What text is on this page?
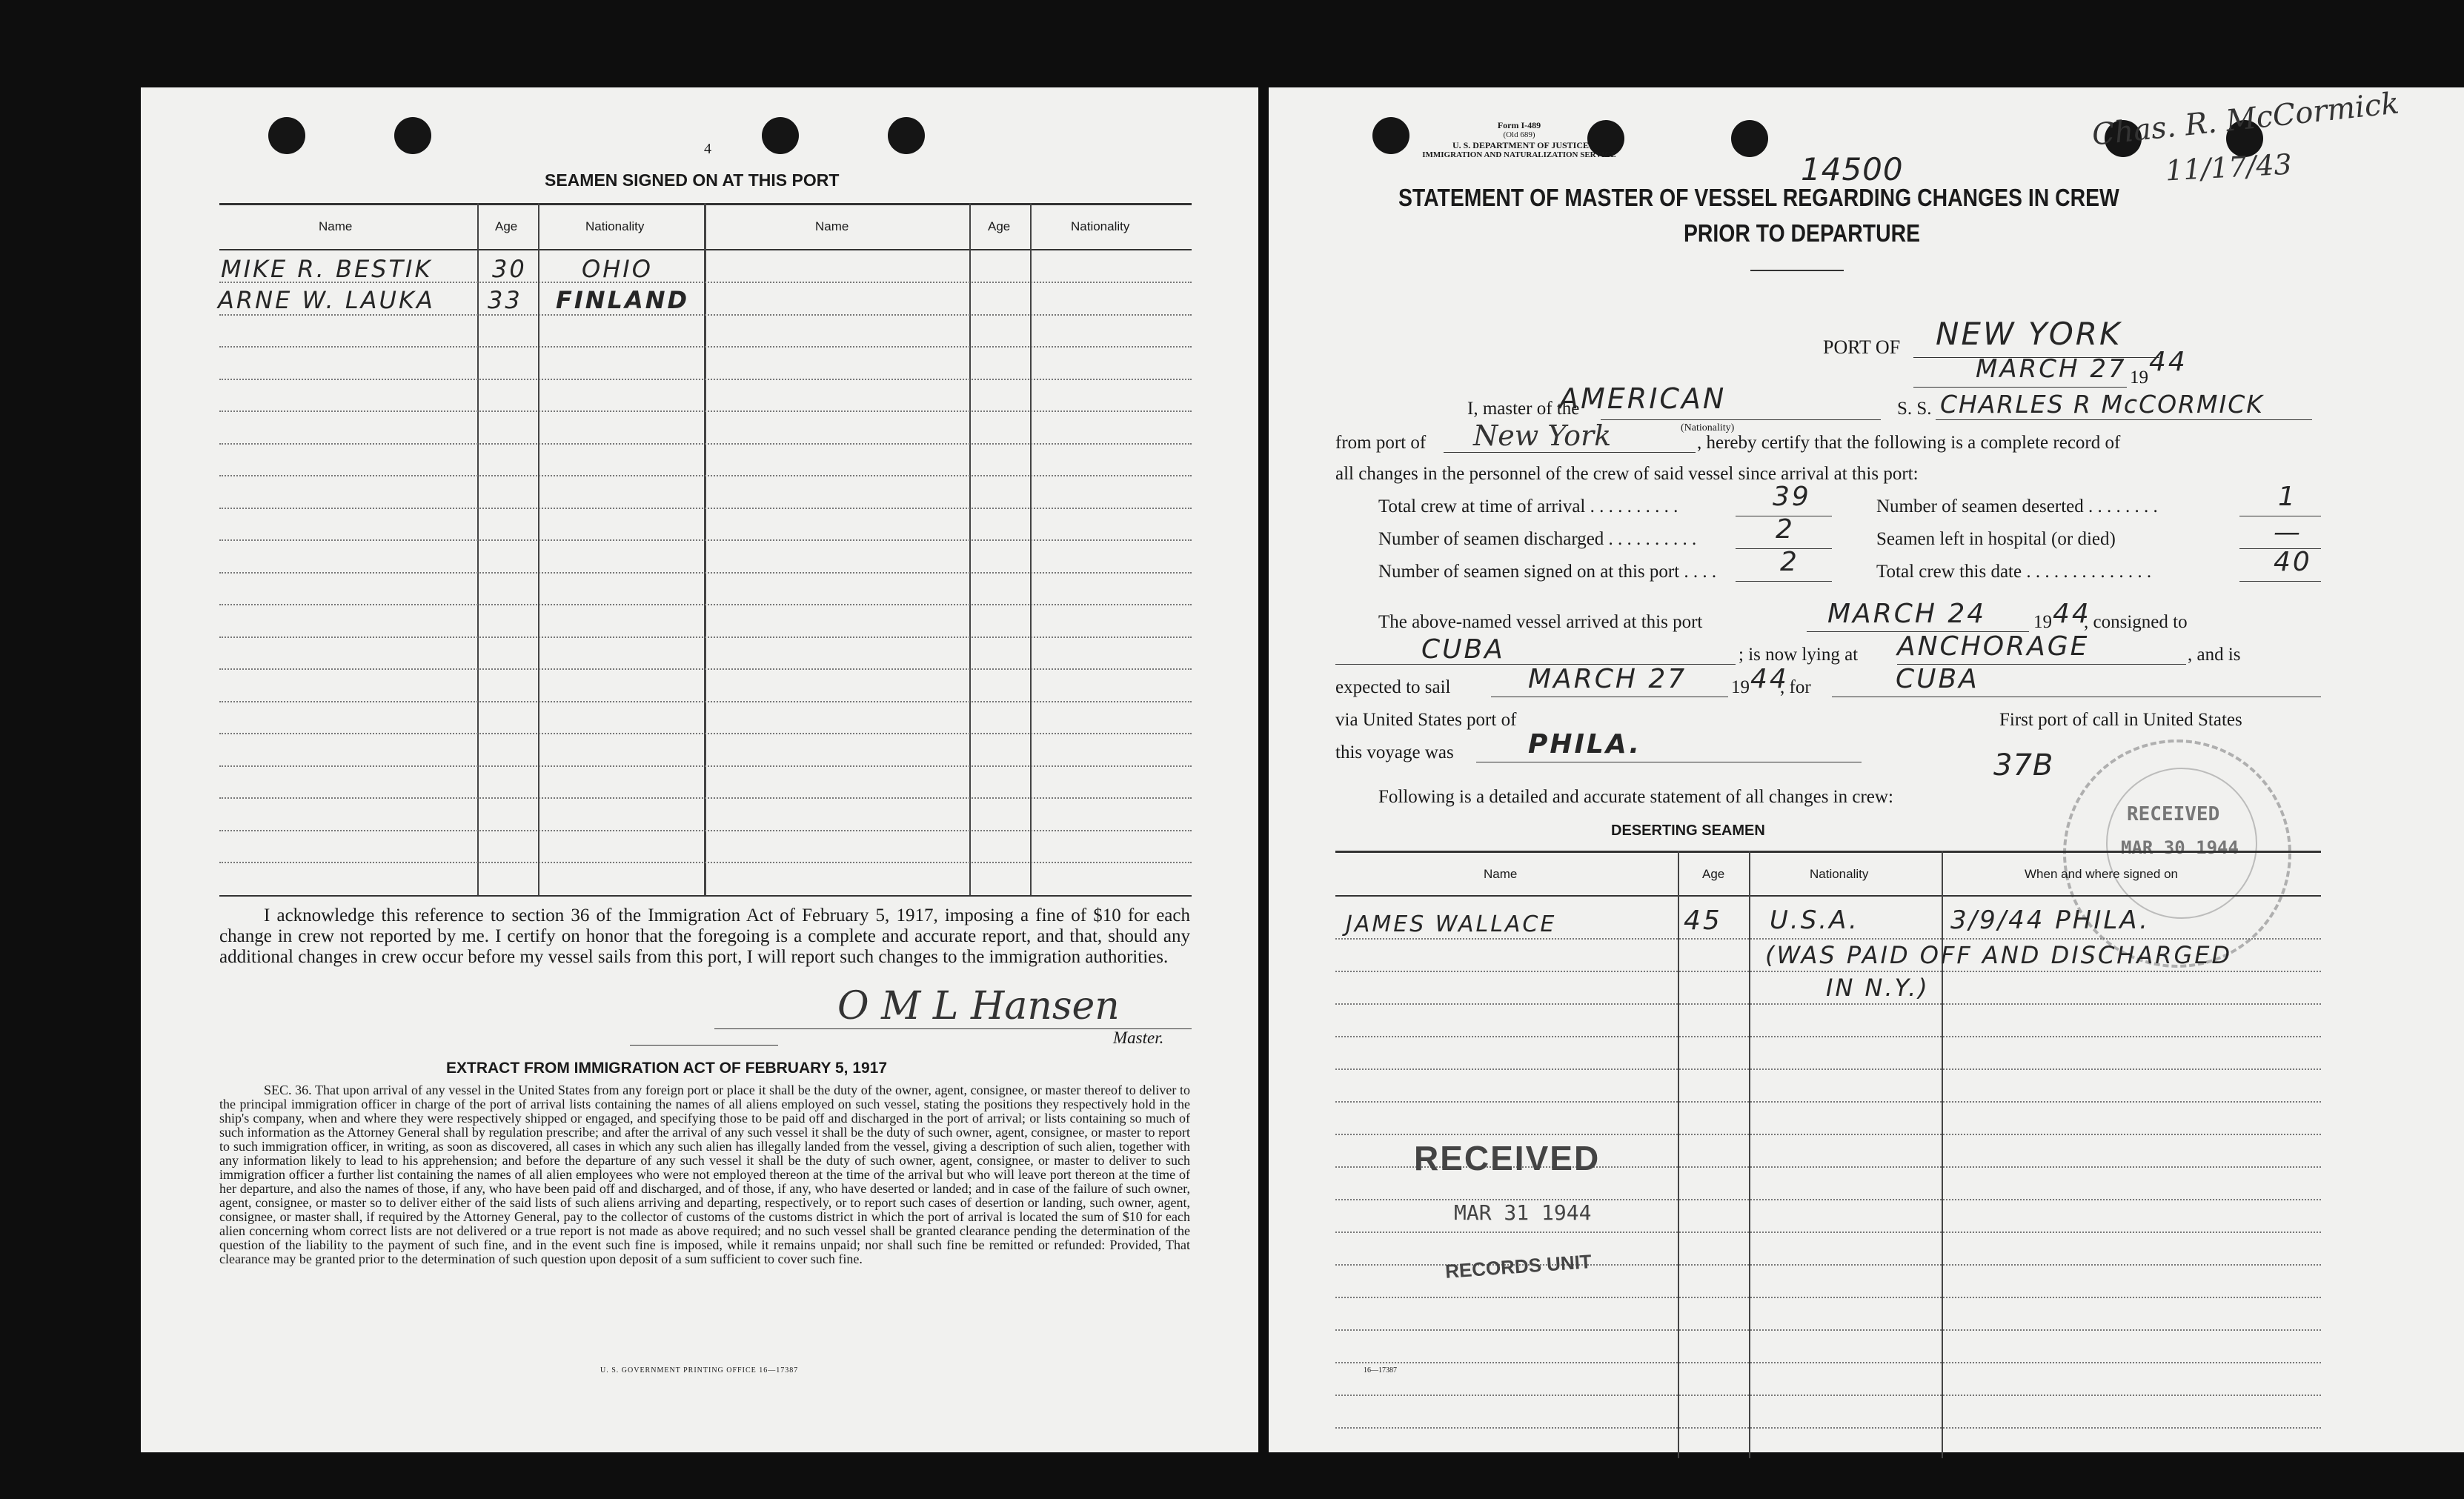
4
SEAMEN SIGNED ON AT THIS PORT
Name	Age	Nationality	Name	Age	Nationality
MIKE R. BESTIK	30 OHIO
ARNE W. LAUKA 33 FINLAND
I acknowledge this reference to section 36 of the Immigration Act of February 5, 1917, imposing a fine of $10 for each change in crew not reported by me. I certify on honor that the foregoing is a complete and accurate report, and that, should any additional changes in crew occur before my vessel sails from this port, I will report such changes to the immigration authorities.
O M L Hansen
Master.
EXTRACT FROM IMMIGRATION ACT OF FEBRUARY 5, 1917
SEC. 36. That upon arrival of any vessel in the United States from any foreign port or place it shall be the duty of the owner, agent, consignee, or master thereof to deliver to the principal immigration officer in charge of the port of arrival lists containing the names of all aliens employed on such vessel, stating the positions they respectively hold in the ship's company, when and where they were respectively shipped or engaged, and specifying those to be paid off and discharged in the port of arrival; or lists containing so much of such information as the Attorney General shall by regulation prescribe; and after the arrival of any such vessel it shall be the duty of such owner, agent, consignee, or master to report to such immigration officer, in writing, as soon as discovered, all cases in which any such alien has illegally landed from the vessel, giving a description of such alien, together with any information likely to lead to his apprehension; and before the departure of any such vessel it shall be the duty of such owner, agent, consignee, or master to deliver to such immigration officer a further list containing the names of all alien employees who were not employed thereon at the time of the arrival but who will leave port thereon at the time of her departure, and also the names of those, if any, who have been paid off and discharged, and of those, if any, who have deserted or landed; and in case of the failure of such owner, agent, consignee, or master so to deliver either of the said lists of such aliens arriving and departing, respectively, or to report such cases of desertion or landing, such owner, agent, consignee, or master shall, if required by the Attorney General, pay to the collector of customs of the customs district in which the port of arrival is located the sum of $10 for each alien concerning whom correct lists are not delivered or a true report is not made as above required; and no such vessel shall be granted clearance pending the determination of the question of the liability to the payment of such fine, and in the event such fine is imposed, while it remains unpaid; nor shall such fine be remitted or refunded: Provided, That clearance may be granted prior to the determination of such question upon deposit of a sum sufficient to cover such fine.
U. S. GOVERNMENT PRINTING OFFICE 16—17387
Form I-489
(Old 689)
U. S. DEPARTMENT OF JUSTICE
IMMIGRATION AND NATURALIZATION SERVICE	14500
Chas. R. McCormick
11/17/43
STATEMENT OF MASTER OF VESSEL REGARDING CHANGES IN CREW
PRIOR TO DEPARTURE
PORT OF NEW YORK
MARCH 27 19
44
I, master of the
AMERICAN
(Nationality)
S. S. CHARLES R McCORMICK
from port of New York	, hereby certify that the following is a complete record of
all changes in the personnel of the crew of said vessel since arrival at this port:
Total crew at time of arrival . . . . . . . . . .	39	Number of seamen deserted . . . . . . . .	1
Number of seamen discharged . . . . . . . . . .	2	Seamen left in hospital (or died)	—
Number of seamen signed on at this port . . . . 2	Total crew this date . . . . . . . . . . . . . .	40
The above-named vessel arrived at this port	MARCH 24	19 44
, consigned to
CUBA	; is now lying at ANCHORAGE	, and is
expected to sail	MARCH 27 19 44
, for	CUBA
via United States port of	First port of call in United States
this voyage was	PHILA.
37B
Following is a detailed and accurate statement of all changes in crew:
DESERTING SEAMEN
RECEIVED
MAR 30 1944
Name	Age	Nationality	When and where signed on
JAMES WALLACE	45 U.S.A.	3/9/44 PHILA.
(WAS PAID OFF AND DISCHARGED
IN N.Y.)
RECEIVED
MAR 31 1944
RECORDS UNIT
16—17387
